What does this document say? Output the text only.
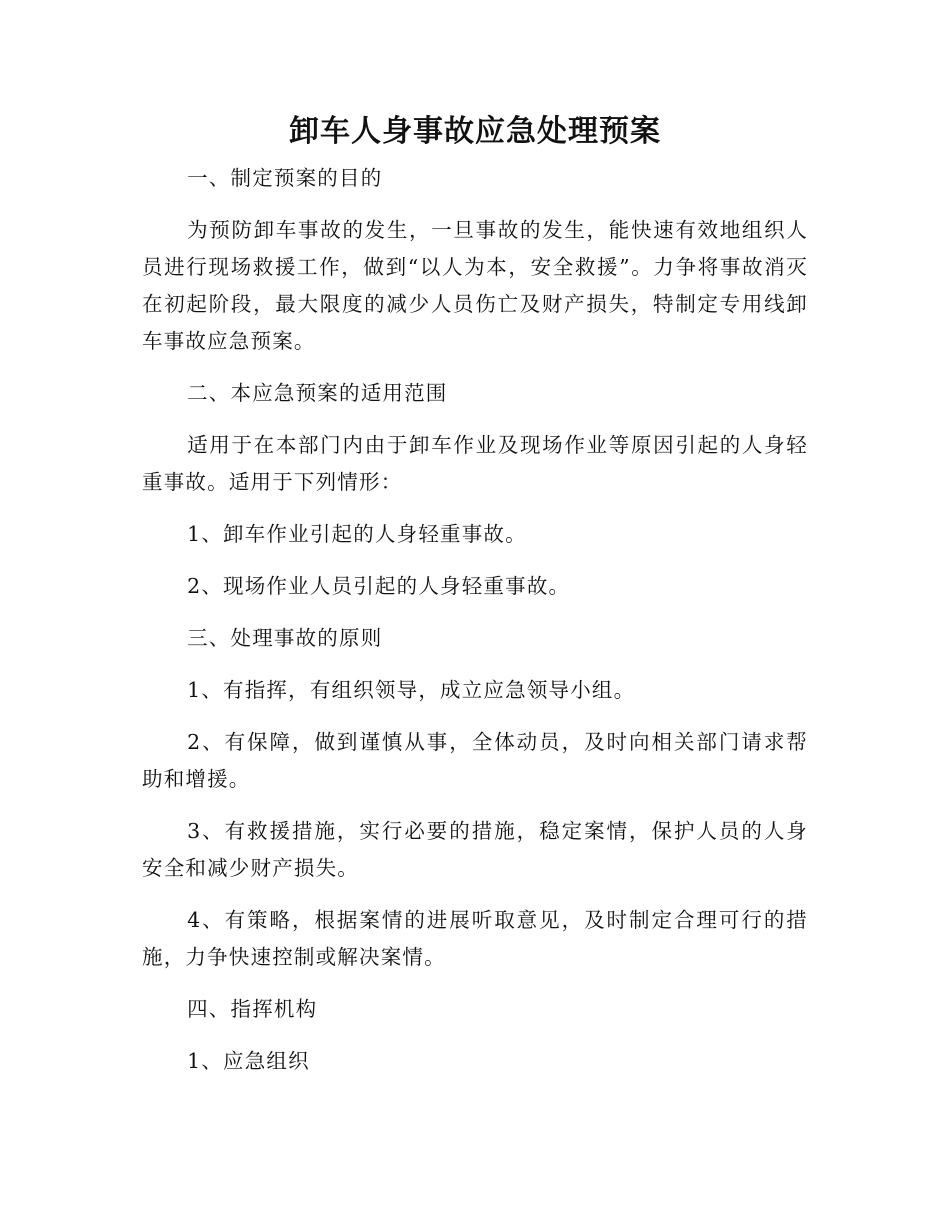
卸车人身事故应急处理预案

一、制定预案的目的

为预防卸车事故的发生，一旦事故的发生，能快速有效地组织人员进行现场救援工作，做到“以人为本，安全救援”。力争将事故消灭在初起阶段，最大限度的减少人员伤亡及财产损失，特制定专用线卸车事故应急预案。

二、本应急预案的适用范围

适用于在本部门内由于卸车作业及现场作业等原因引起的人身轻重事故。适用于下列情形：

1、卸车作业引起的人身轻重事故。

2、现场作业人员引起的人身轻重事故。

三、处理事故的原则

1、有指挥，有组织领导，成立应急领导小组。

2、有保障，做到谨慎从事，全体动员，及时向相关部门请求帮助和增援。

3、有救援措施，实行必要的措施，稳定案情，保护人员的人身安全和减少财产损失。

4、有策略，根据案情的进展听取意见，及时制定合理可行的措施，力争快速控制或解决案情。

四、指挥机构

1、应急组织
